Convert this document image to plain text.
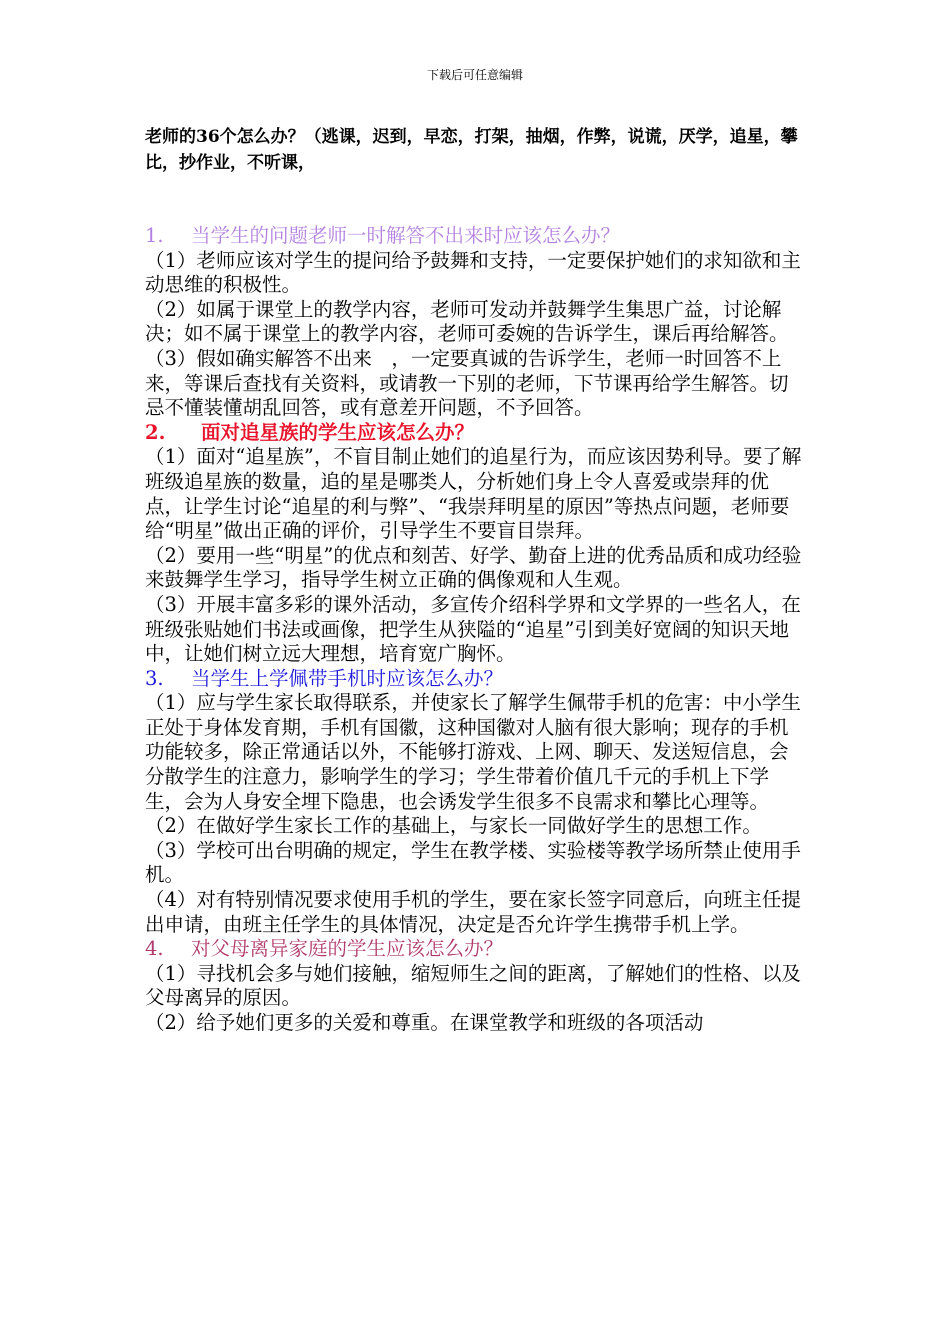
下载后可任意编辑
老师的36个怎么办？（逃课，迟到，早恋，打架，抽烟，作弊，说谎，厌学，追星，攀比，抄作业，不听课，

1. 当学生的问题老师一时解答不出来时应该怎么办？

（1）老师应该对学生的提问给予鼓舞和支持，一定要保护她们的求知欲和主动思维的积极性。

（2）如属于课堂上的教学内容，老师可发动并鼓舞学生集思广益，讨论解决；如不属于课堂上的教学内容，老师可委婉的告诉学生，课后再给解答。

（3）假如确实解答不出来　，一定要真诚的告诉学生，老师一时回答不上来，等课后查找有关资料，或请教一下别的老师，下节课再给学生解答。切忌不懂装懂胡乱回答，或有意差开问题，不予回答。

2. 面对追星族的学生应该怎么办？

（1）面对“追星族”，不盲目制止她们的追星行为，而应该因势利导。要了解班级追星族的数量，追的星是哪类人，分析她们身上令人喜爱或崇拜的优点，让学生讨论“追星的利与弊”、“我崇拜明星的原因”等热点问题，老师要给“明星”做出正确的评价，引导学生不要盲目崇拜。

（2）要用一些“明星”的优点和刻苦、好学、勤奋上进的优秀品质和成功经验来鼓舞学生学习，指导学生树立正确的偶像观和人生观。

（3）开展丰富多彩的课外活动，多宣传介绍科学界和文学界的一些名人，在班级张贴她们书法或画像，把学生从狭隘的“追星”引到美好宽阔的知识天地中，让她们树立远大理想，培育宽广胸怀。

3. 当学生上学佩带手机时应该怎么办？

（1）应与学生家长取得联系，并使家长了解学生佩带手机的危害：中小学生正处于身体发育期，手机有国徽，这种国徽对人脑有很大影响；现存的手机功能较多，除正常通话以外，不能够打游戏、上网、聊天、发送短信息，会分散学生的注意力，影响学生的学习；学生带着价值几千元的手机上下学生，会为人身安全埋下隐患，也会诱发学生很多不良需求和攀比心理等。

（2）在做好学生家长工作的基础上，与家长一同做好学生的思想工作。

（3）学校可出台明确的规定，学生在教学楼、实验楼等教学场所禁止使用手机。

（4）对有特别情况要求使用手机的学生，要在家长签字同意后，向班主任提出申请，由班主任学生的具体情况，决定是否允许学生携带手机上学。

4. 对父母离异家庭的学生应该怎么办？

（1）寻找机会多与她们接触，缩短师生之间的距离，了解她们的性格、以及父母离异的原因。

（2）给予她们更多的关爱和尊重。在课堂教学和班级的各项活动
